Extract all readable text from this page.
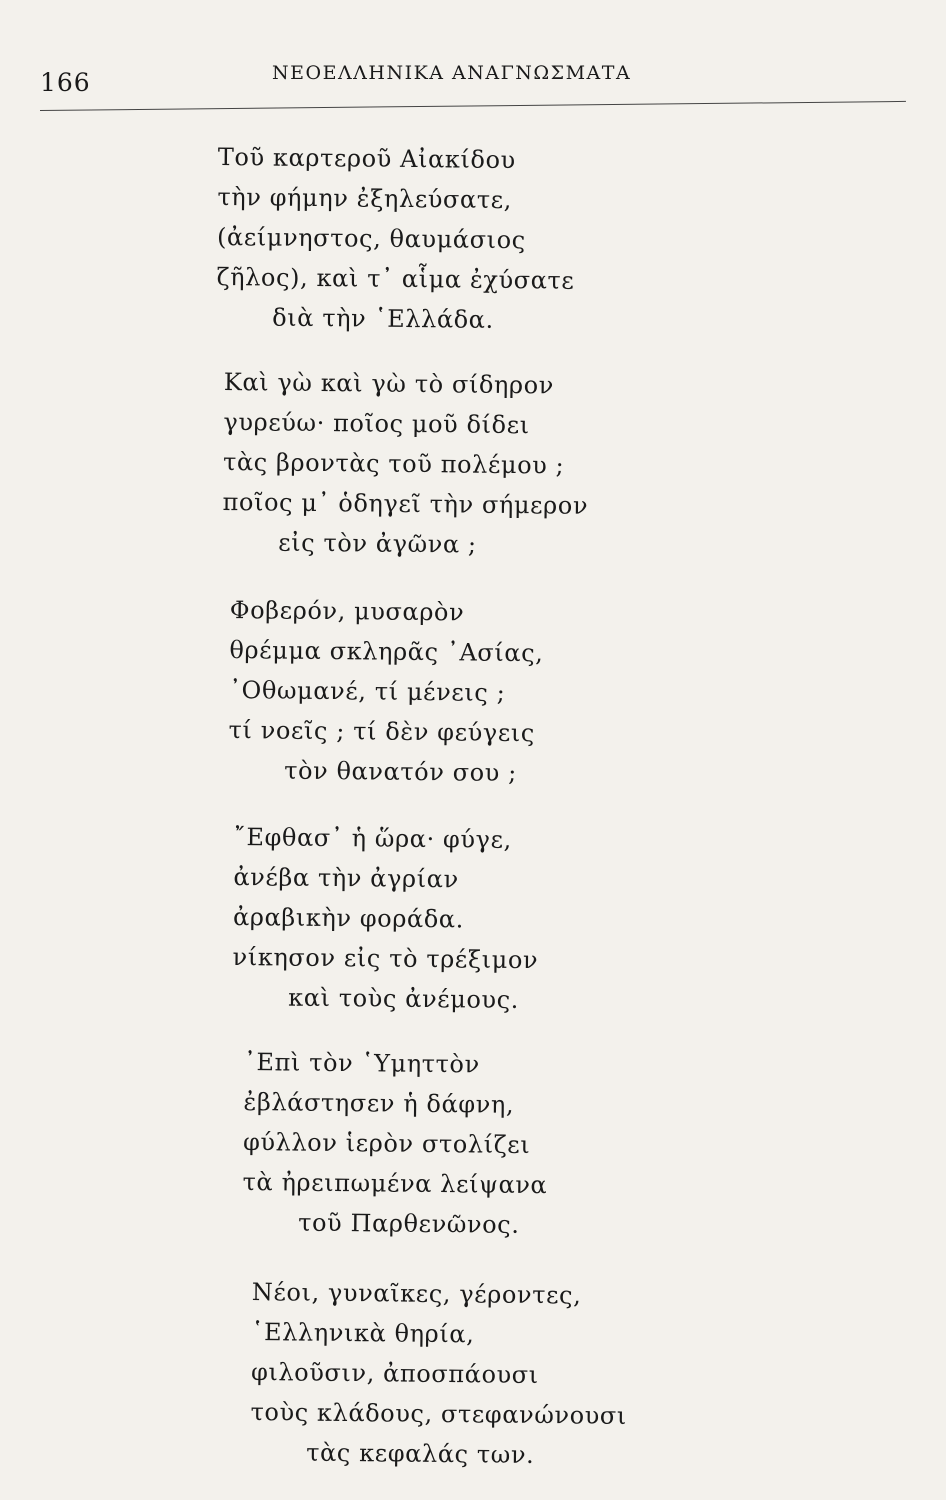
166	ΝΕΟΕΛΛΗΝΙΚΑ ΑΝΑΓΝΩΣΜΑΤΑ
Τοῦ καρτεροῦ Αἰακίδου
τὴν φήμην ἐξηλεύσατε,
(ἀείμνηστος, θαυμάσιος
ζῆλος), καὶ τ᾿ αἷμα ἐχύσατε
διὰ τὴν ῾Ελλάδα.
Καὶ γὼ καὶ γὼ τὸ σίδηρον
γυρεύω· ποῖος μοῦ δίδει
τὰς βροντὰς τοῦ πολέμου ;
ποῖος μ᾿ ὁδηγεῖ τὴν σήμερον
εἰς τὸν ἀγῶνα ;
Φοβερόν, μυσαρὸν
θρέμμα σκληρᾶς ᾿Ασίας,
᾿Οθωμανέ, τί μένεις ;
τί νοεῖς ; τί δὲν φεύγεις
τὸν θανατόν σου ;
῎Εφθασ᾿ ἡ ὥρα· φύγε,
ἀνέβα τὴν ἀγρίαν
ἀραβικὴν φοράδα.
νίκησον εἰς τὸ τρέξιμον
καὶ τοὺς ἀνέμους.
᾿Επὶ τὸν ῾Υμηττὸν
ἐβλάστησεν ἡ δάφνη,
φύλλον ἱερὸν στολίζει
τὰ ἠρειπωμένα λείψανα
τοῦ Παρθενῶνος.
Νέοι, γυναῖκες, γέροντες,
῾Ελληνικὰ θηρία,
φιλοῦσιν, ἀποσπάουσι
τοὺς κλάδους, στεφανώνουσι
τὰς κεφαλάς των.
